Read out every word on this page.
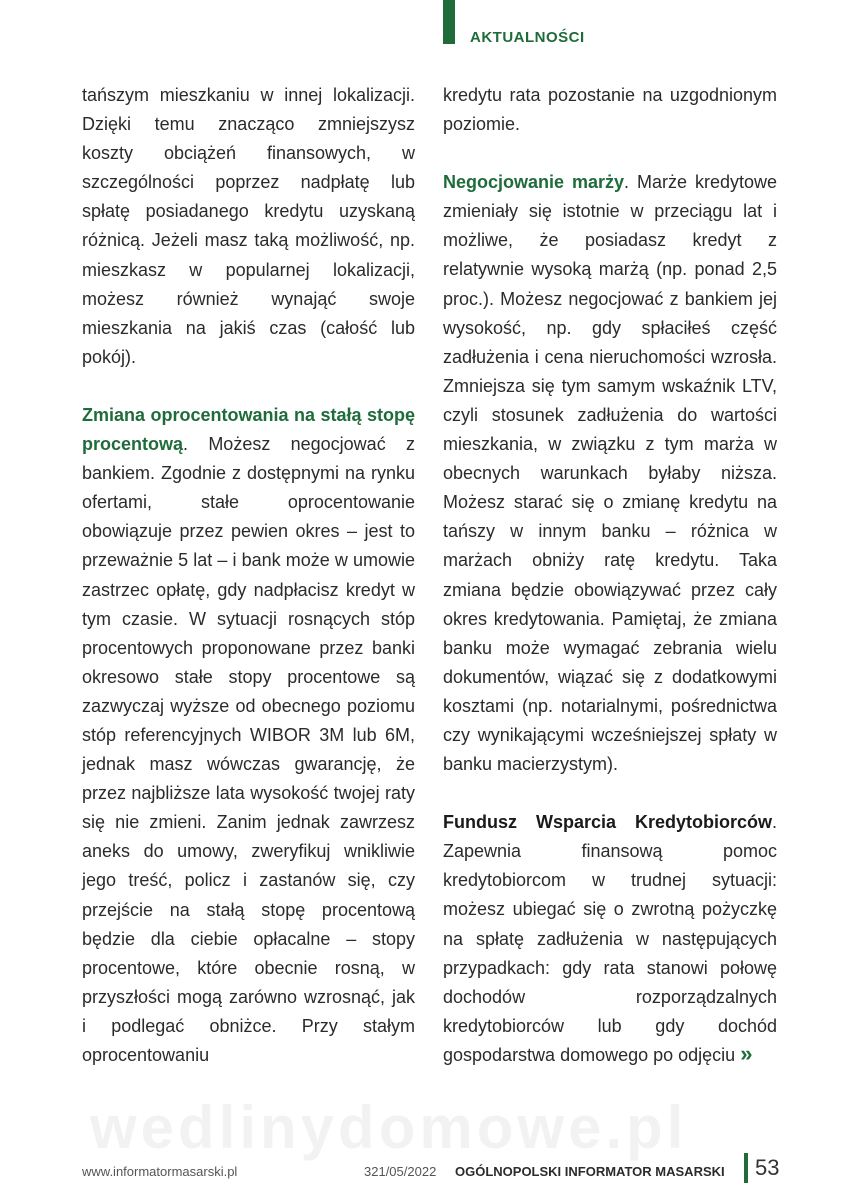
AKTUALNOŚCI

tańszym mieszkaniu w innej lokalizacji. Dzięki temu znacząco zmniejszysz koszty obciążeń finansowych, w szczególności poprzez nadpłatę lub spłatę posiadanego kredytu uzyskaną różnicą. Jeżeli masz taką możliwość, np. mieszkasz w popularnej lokalizacji, możesz również wynająć swoje mieszkania na jakiś czas (całość lub pokój).

Zmiana oprocentowania na stałą stopę procentową. Możesz negocjować z bankiem. Zgodnie z dostępnymi na rynku ofertami, stałe oprocentowanie obowiązuje przez pewien okres – jest to przeważnie 5 lat – i bank może w umowie zastrzec opłatę, gdy nadpłacisz kredyt w tym czasie. W sytuacji rosnących stóp procentowych proponowane przez banki okresowo stałe stopy procentowe są zazwyczaj wyższe od obecnego poziomu stóp referencyjnych WIBOR 3M lub 6M, jednak masz wówczas gwarancję, że przez najbliższe lata wysokość twojej raty się nie zmieni. Zanim jednak zawrzesz aneks do umowy, zweryfikuj wnikliwie jego treść, policz i zastanów się, czy przejście na stałą stopę procentową będzie dla ciebie opłacalne – stopy procentowe, które obecnie rosną, w przyszłości mogą zarówno wzrosnąć, jak i podlegać obniżce. Przy stałym oprocentowaniu

kredytu rata pozostanie na uzgodnionym poziomie.

Negocjowanie marży. Marże kredytowe zmieniały się istotnie w przeciągu lat i możliwe, że posiadasz kredyt z relatywnie wysoką marżą (np. ponad 2,5 proc.). Możesz negocjować z bankiem jej wysokość, np. gdy spłaciłeś część zadłużenia i cena nieruchomości wzrosła. Zmniejsza się tym samym wskaźnik LTV, czyli stosunek zadłużenia do wartości mieszkania, w związku z tym marża w obecnych warunkach byłaby niższa. Możesz starać się o zmianę kredytu na tańszy w innym banku – różnica w marżach obniży ratę kredytu. Taka zmiana będzie obowiązywać przez cały okres kredytowania. Pamiętaj, że zmiana banku może wymagać zebrania wielu dokumentów, wiązać się z dodatkowymi kosztami (np. notarialnymi, pośrednictwa czy wynikającymi wcześniejszej spłaty w banku macierzystym).

Fundusz Wsparcia Kredytobiorców. Zapewnia finansową pomoc kredytobiorcom w trudnej sytuacji: możesz ubiegać się o zwrotną pożyczkę na spłatę zadłużenia w następujących przypadkach: gdy rata stanowi połowę dochodów rozporządzalnych kredytobiorców lub gdy dochód gospodarstwa domowego po odjęciu »

wedlinydomowe.pl
www.informatormasarski.pl	321/05/2022 OGÓLNOPOLSKI INFORMATOR MASARSKI 53
